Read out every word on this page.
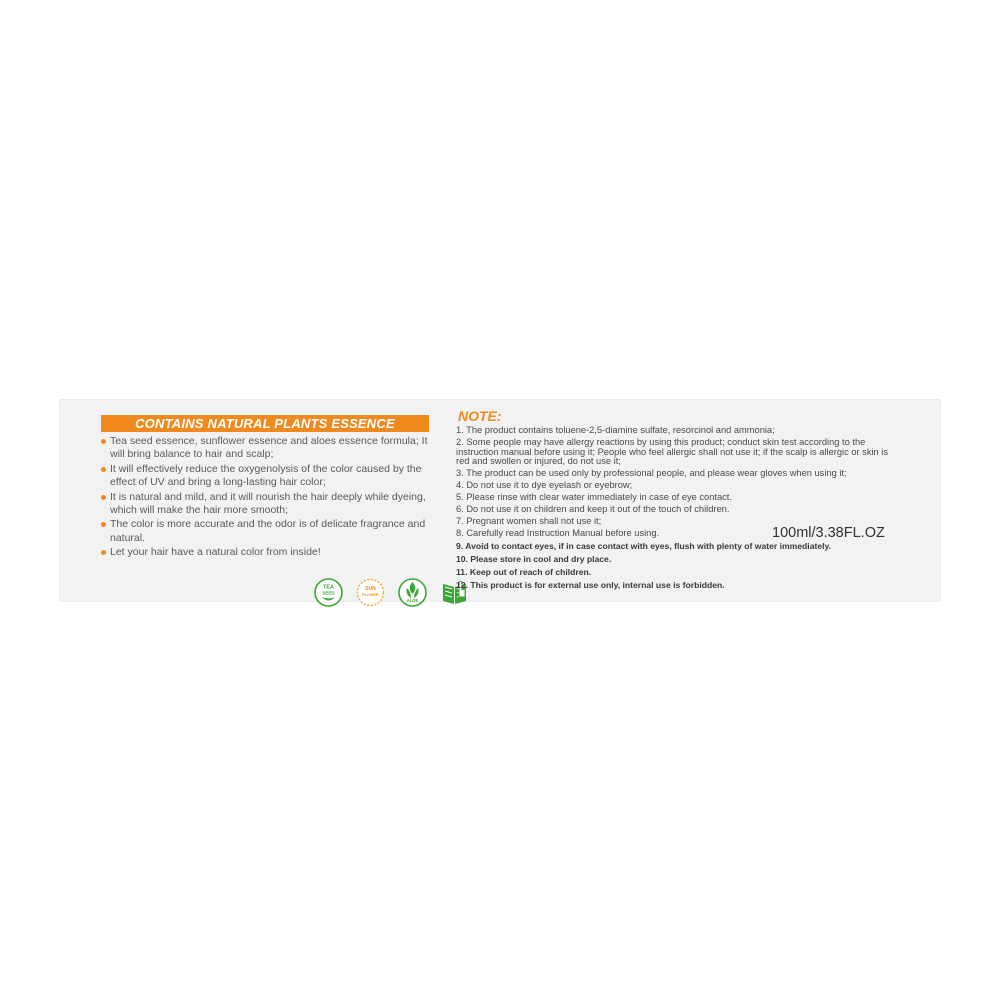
CONTAINS NATURAL PLANTS ESSENCE
Tea seed essence, sunflower essence and aloes essence formula; It will bring balance to hair and scalp;
It will effectively reduce the oxygenolysis of the color caused by the effect of UV and bring a long-lasting hair color;
It is natural and mild, and it will nourish the hair deeply while dyeing, which will make the hair more smooth;
The color is more accurate and the odor is of delicate fragrance and natural.
Let your hair have a natural color from inside!
TEA
SEED
SUN
FLOWER
ALOE
NOTE:
1. The product contains toluene-2,5-diamine sulfate, resorcinol and ammonia;
2. Some people may have allergy reactions by using this product; conduct skin test according to the instruction manual before using it; People who feel allergic shall not use it; if the scalp is allergic or skin is red and swollen or injured, do not use it;
3. The product can be used only by professional people, and please wear gloves when using it;
4. Do not use it to dye eyelash or eyebrow;
5. Please rinse with clear water immediately in case of eye contact.
6. Do not use it on children and keep it out of the touch of children.
7. Pregnant women shall not use it;
8. Carefully read Instruction Manual before using.
9. Avoid to contact eyes, if in case contact with eyes, flush with plenty of water immediately.
10. Please store in cool and dry place.
11. Keep out of reach of children.
12. This product is for external use only, internal use is forbidden.
100ml/3.38FL.OZ
